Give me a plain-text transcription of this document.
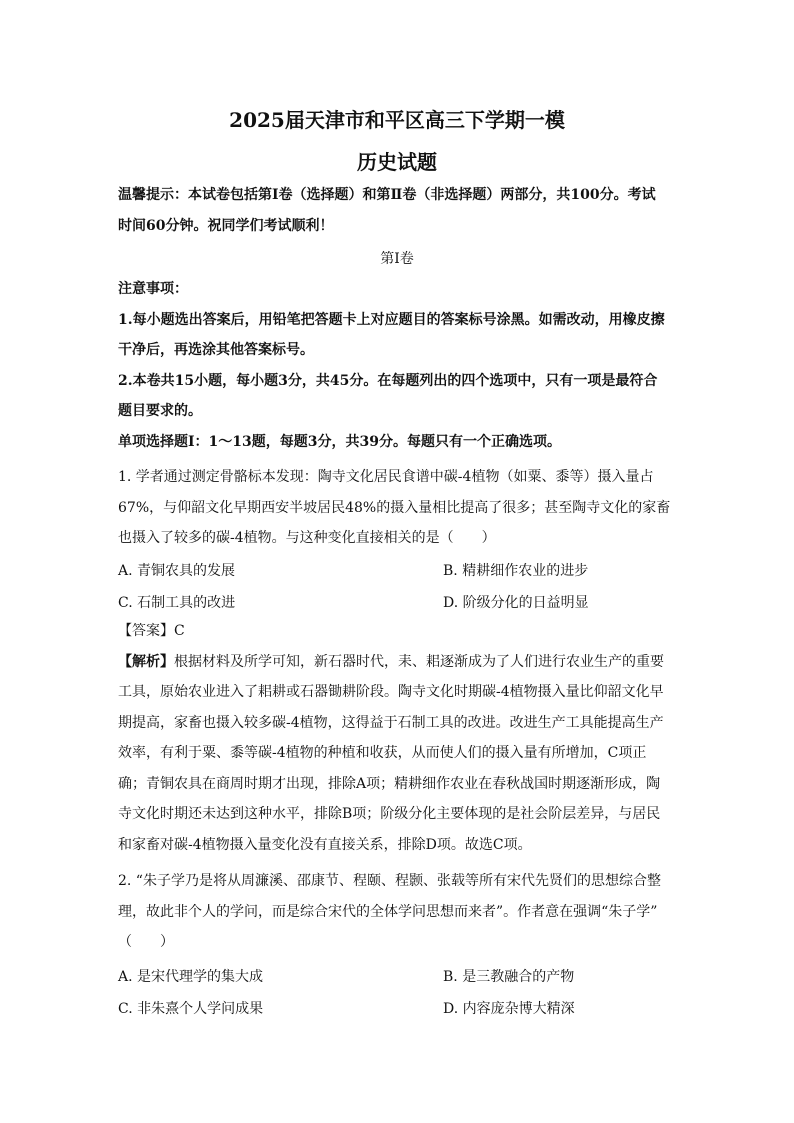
2025届天津市和平区高三下学期一模
历史试题
温馨提示：本试卷包括第Ⅰ卷（选择题）和第Ⅱ卷（非选择题）两部分，共100分。考试
时间60分钟。祝同学们考试顺利！
第Ⅰ卷
注意事项：
1.每小题选出答案后，用铅笔把答题卡上对应题目的答案标号涂黑。如需改动，用橡皮擦
干净后，再选涂其他答案标号。
2.本卷共15小题，每小题3分，共45分。在每题列出的四个选项中，只有一项是最符合
题目要求的。
单项选择题Ⅰ：1～13题，每题3分，共39分。每题只有一个正确选项。
1. 学者通过测定骨骼标本发现：陶寺文化居民食谱中碳-4植物（如粟、黍等）摄入量占
67%，与仰韶文化早期西安半坡居民48%的摄入量相比提高了很多；甚至陶寺文化的家畜
也摄入了较多的碳-4植物。与这种变化直接相关的是（　　）
A. 青铜农具的发展	B. 精耕细作农业的进步
C. 石制工具的改进	D. 阶级分化的日益明显
【答案】C
【解析】根据材料及所学可知，新石器时代，耒、耜逐渐成为了人们进行农业生产的重要
工具，原始农业进入了耜耕或石器锄耕阶段。陶寺文化时期碳-4植物摄入量比仰韶文化早
期提高，家畜也摄入较多碳-4植物，这得益于石制工具的改进。改进生产工具能提高生产
效率，有利于粟、黍等碳-4植物的种植和收获，从而使人们的摄入量有所增加，C项正
确；青铜农具在商周时期才出现，排除A项；精耕细作农业在春秋战国时期逐渐形成，陶
寺文化时期还未达到这种水平，排除B项；阶级分化主要体现的是社会阶层差异，与居民
和家畜对碳-4植物摄入量变化没有直接关系，排除D项。故选C项。
2. “朱子学乃是将从周濂溪、邵康节、程颐、程颢、张载等所有宋代先贤们的思想综合整
理，故此非个人的学问，而是综合宋代的全体学问思想而来者”。作者意在强调“朱子学”
（　　）
A. 是宋代理学的集大成	B. 是三教融合的产物
C. 非朱熹个人学问成果	D. 内容庞杂博大精深
